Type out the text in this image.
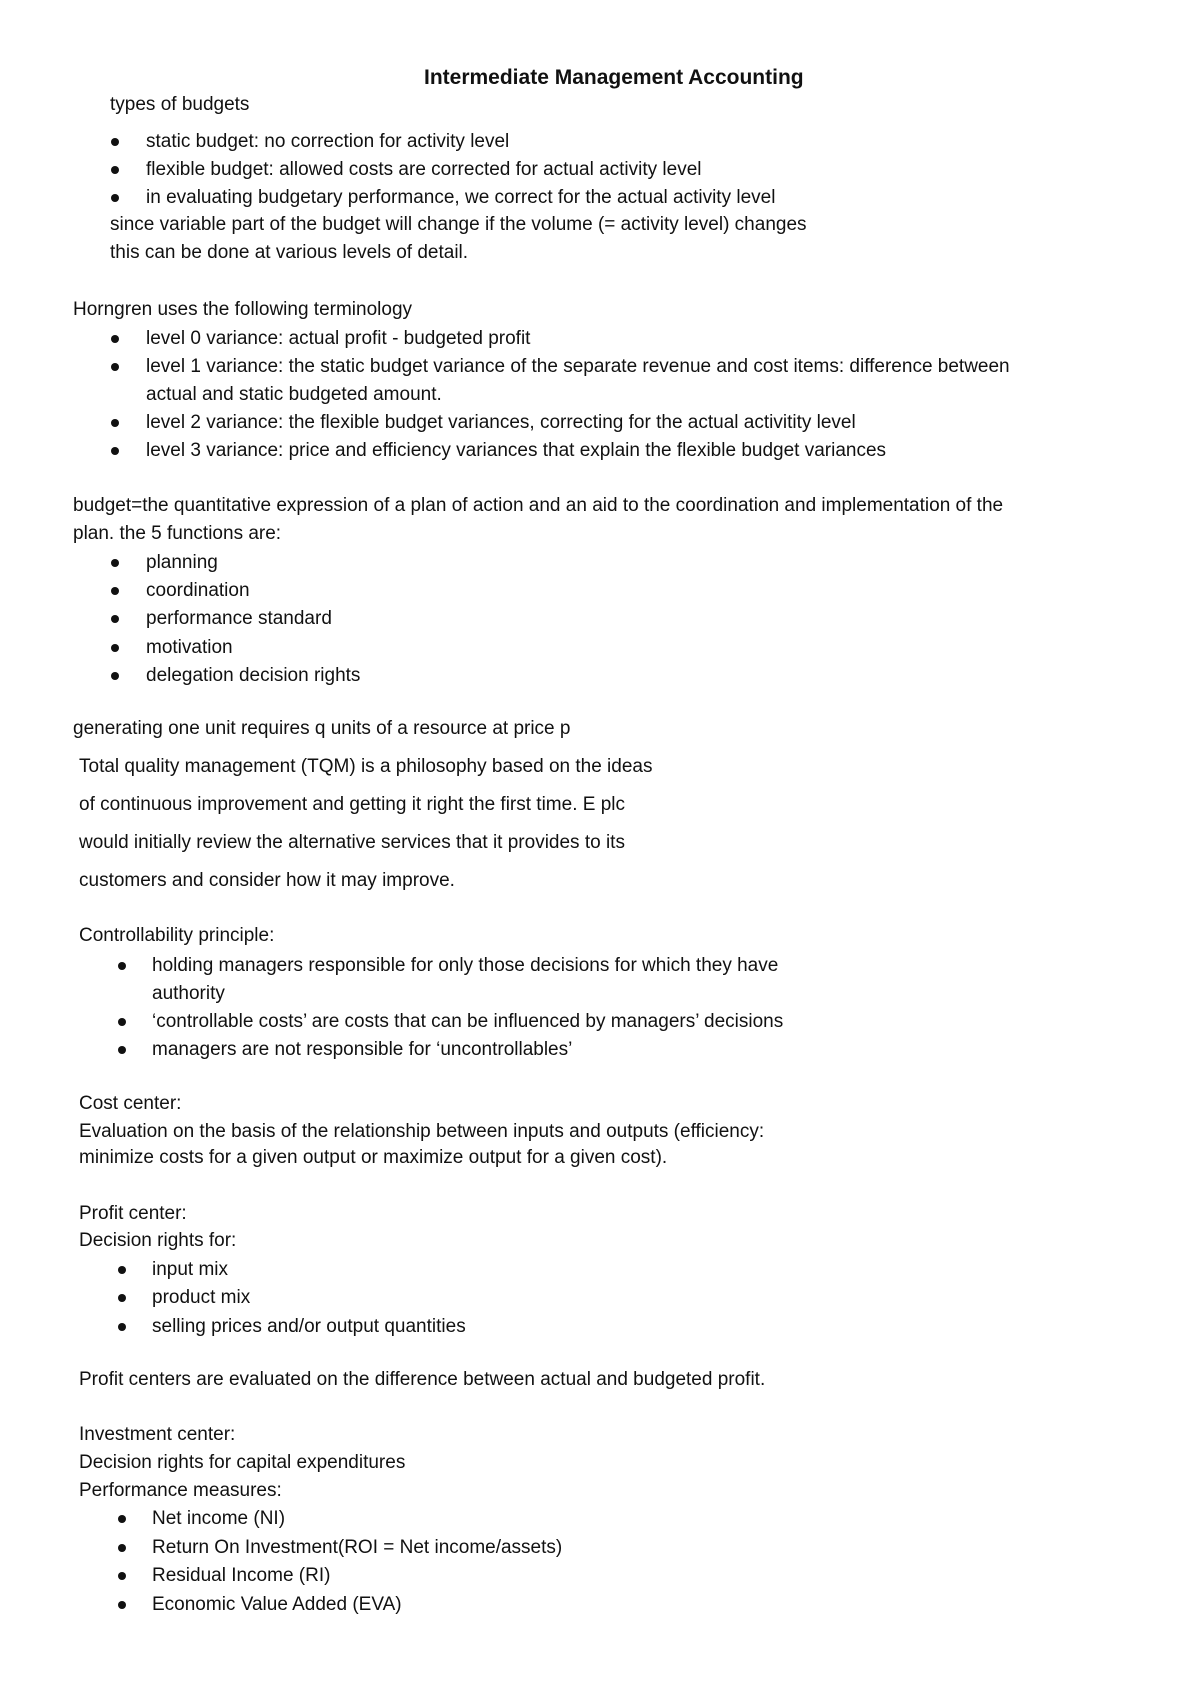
Intermediate Management Accounting
types of budgets
static budget: no correction for activity level
flexible budget: allowed costs are corrected for actual activity level
in evaluating budgetary performance, we correct for the actual activity level
since variable part of the budget will change if the volume (= activity level) changes
this can be done at various levels of detail.
Horngren uses the following terminology
level 0 variance: actual profit - budgeted profit
level 1 variance: the static budget variance of the separate revenue and cost items: difference between
actual and static budgeted amount.
level 2 variance: the flexible budget variances, correcting for the actual activitity level
level 3 variance: price and efficiency variances that explain the flexible budget variances
budget=the quantitative expression of a plan of action and an aid to the coordination and implementation of the
plan. the 5 functions are:
planning
coordination
performance standard
motivation
delegation decision rights
generating one unit requires q units of a resource at price p
Total quality management (TQM) is a philosophy based on the ideas
of continuous improvement and getting it right the first time. E plc
would initially review the alternative services that it provides to its
customers and consider how it may improve.
Controllability principle:
holding managers responsible for only those decisions for which they have
authority
‘controllable costs’ are costs that can be influenced by managers’ decisions
managers are not responsible for ‘uncontrollables’
Cost center:
Evaluation on the basis of the relationship between inputs and outputs (efficiency:
minimize costs for a given output or maximize output for a given cost).
Profit center:
Decision rights for:
input mix
product mix
selling prices and/or output quantities
Profit centers are evaluated on the difference between actual and budgeted profit.
Investment center:
Decision rights for capital expenditures
Performance measures:
Net income (NI)
Return On Investment(ROI = Net income/assets)
Residual Income (RI)
Economic Value Added (EVA)
